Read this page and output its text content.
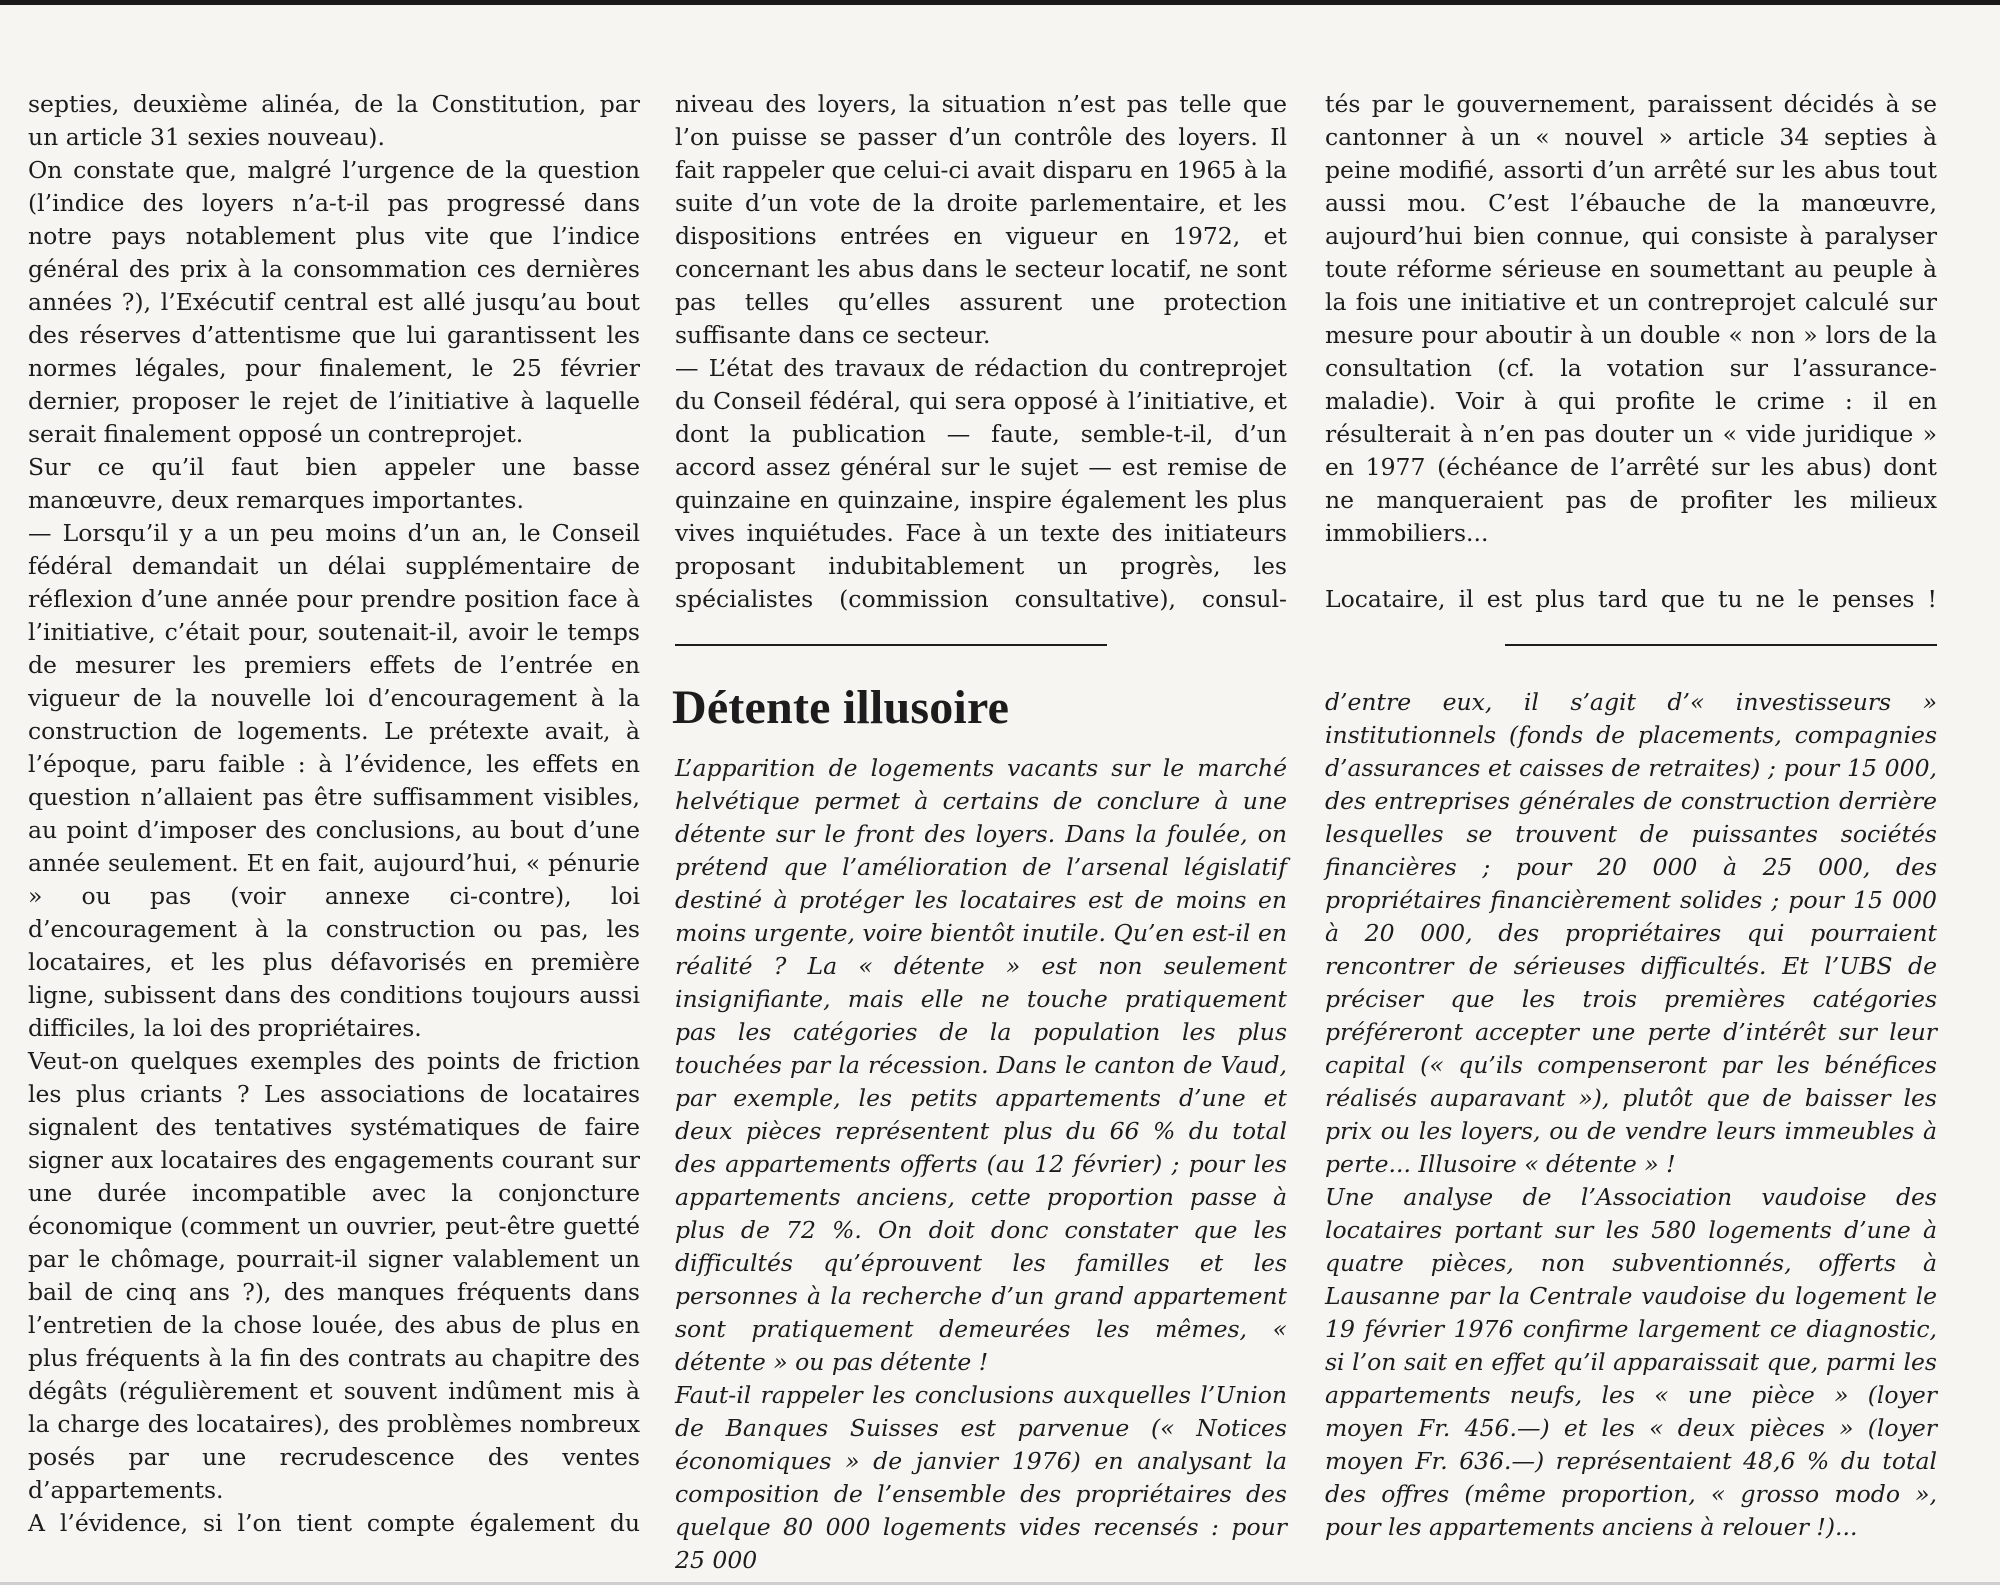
septies, deuxième alinéa, de la Constitution, par un article 31 sexies nouveau).

On constate que, malgré l’urgence de la question (l’indice des loyers n’a-t-il pas progressé dans notre pays notablement plus vite que l’indice général des prix à la consommation ces dernières années ?), l’Exécutif central est allé jusqu’au bout des réserves d’attentisme que lui garantissent les normes légales, pour finalement, le 25 février dernier, proposer le rejet de l’initiative à laquelle serait finalement opposé un contreprojet.

Sur ce qu’il faut bien appeler une basse manœuvre, deux remarques importantes.

— Lorsqu’il y a un peu moins d’un an, le Conseil fédéral demandait un délai supplémentaire de réflexion d’une année pour prendre position face à l’initiative, c’était pour, soutenait-il, avoir le temps de mesurer les premiers effets de l’entrée en vigueur de la nouvelle loi d’encouragement à la construction de logements. Le prétexte avait, à l’époque, paru faible : à l’évidence, les effets en question n’allaient pas être suffisamment visibles, au point d’imposer des conclusions, au bout d’une année seulement. Et en fait, aujourd’hui, « pénurie » ou pas (voir annexe ci-contre), loi d’encouragement à la construction ou pas, les locataires, et les plus défavorisés en première ligne, subissent dans des conditions toujours aussi difficiles, la loi des propriétaires.

Veut-on quelques exemples des points de friction les plus criants ? Les associations de locataires signalent des tentatives systématiques de faire signer aux locataires des engagements courant sur une durée incompatible avec la conjoncture économique (comment un ouvrier, peut-être guetté par le chômage, pourrait-il signer valablement un bail de cinq ans ?), des manques fréquents dans l’entretien de la chose louée, des abus de plus en plus fréquents à la fin des contrats au chapitre des dégâts (régulièrement et souvent indûment mis à la charge des locataires), des problèmes nombreux posés par une recrudescence des ventes d’appartements.

A l’évidence, si l’on tient compte également du

niveau des loyers, la situation n’est pas telle que l’on puisse se passer d’un contrôle des loyers. Il fait rappeler que celui-ci avait disparu en 1965 à la suite d’un vote de la droite parlementaire, et les dispositions entrées en vigueur en 1972, et concernant les abus dans le secteur locatif, ne sont pas telles qu’elles assurent une protection suffisante dans ce secteur.

— L’état des travaux de rédaction du contreprojet du Conseil fédéral, qui sera opposé à l’initiative, et dont la publication — faute, semble-t-il, d’un accord assez général sur le sujet — est remise de quinzaine en quinzaine, inspire également les plus vives inquiétudes. Face à un texte des initiateurs proposant indubitablement un progrès, les spécialistes (commission consultative), consul-

tés par le gouvernement, paraissent décidés à se cantonner à un « nouvel » article 34 septies à peine modifié, assorti d’un arrêté sur les abus tout aussi mou. C’est l’ébauche de la manœuvre, aujourd’hui bien connue, qui consiste à paralyser toute réforme sérieuse en soumettant au peuple à la fois une initiative et un contreprojet calculé sur mesure pour aboutir à un double « non » lors de la consultation (cf. la votation sur l’assurance-maladie). Voir à qui profite le crime : il en résulterait à n’en pas douter un « vide juridique » en 1977 (échéance de l’arrêté sur les abus) dont ne manqueraient pas de profiter les milieux immobiliers...

Locataire, il est plus tard que tu ne le penses !

Détente illusoire

L’apparition de logements vacants sur le marché helvétique permet à certains de conclure à une détente sur le front des loyers. Dans la foulée, on prétend que l’amélioration de l’arsenal législatif destiné à protéger les locataires est de moins en moins urgente, voire bientôt inutile. Qu’en est-il en réalité ? La « détente » est non seulement insignifiante, mais elle ne touche pratiquement pas les catégories de la population les plus touchées par la récession. Dans le canton de Vaud, par exemple, les petits appartements d’une et deux pièces représentent plus du 66 % du total des appartements offerts (au 12 février) ; pour les appartements anciens, cette proportion passe à plus de 72 %. On doit donc constater que les difficultés qu’éprouvent les familles et les personnes à la recherche d’un grand appartement sont pratiquement demeurées les mêmes, « détente » ou pas détente !

Faut-il rappeler les conclusions auxquelles l’Union de Banques Suisses est parvenue (« Notices économiques » de janvier 1976) en analysant la composition de l’ensemble des propriétaires des quelque 80 000 logements vides recensés : pour 25 000

d’entre eux, il s’agit d’« investisseurs » institutionnels (fonds de placements, compagnies d’assurances et caisses de retraites) ; pour 15 000, des entreprises générales de construction derrière lesquelles se trouvent de puissantes sociétés financières ; pour 20 000 à 25 000, des propriétaires financièrement solides ; pour 15 000 à 20 000, des propriétaires qui pourraient rencontrer de sérieuses difficultés. Et l’UBS de préciser que les trois premières catégories préféreront accepter une perte d’intérêt sur leur capital (« qu’ils compenseront par les bénéfices réalisés auparavant »), plutôt que de baisser les prix ou les loyers, ou de vendre leurs immeubles à perte... Illusoire « détente » !

Une analyse de l’Association vaudoise des locataires portant sur les 580 logements d’une à quatre pièces, non subventionnés, offerts à Lausanne par la Centrale vaudoise du logement le 19 février 1976 confirme largement ce diagnostic, si l’on sait en effet qu’il apparaissait que, parmi les appartements neufs, les « une pièce » (loyer moyen Fr. 456.—) et les « deux pièces » (loyer moyen Fr. 636.—) représentaient 48,6 % du total des offres (même proportion, « grosso modo », pour les appartements anciens à relouer !)...
